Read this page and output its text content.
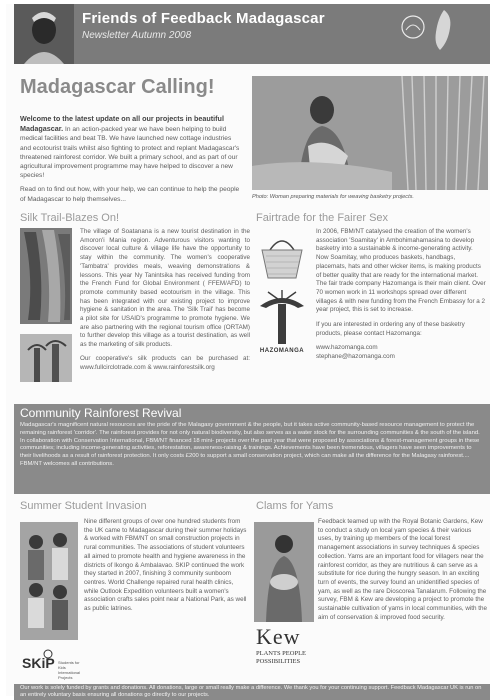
Friends of Feedback Madagascar
Newsletter Autumn 2008
Madagascar Calling!

Welcome to the latest update on all our projects in beautiful Madagascar. In an action-packed year we have been helping to build medical facilities and beat TB. We have launched new cottage industries and ecotourist trails whilst also fighting to protect and replant Madagascar's threatened rainforest corridor. We built a primary school, and as part of our agricultural improvement programme may have helped to discover a new species!

Read on to find out how, with your help, we can continue to help the people of Madagascar to help themselves...	Photo: Woman preparing materials for weaving basketry projects.
Silk Trail-Blazes On!

The village of Soatanana is a new tourist destination in the Amoron'i Mania region. Adventurous visitors wanting to discover local culture & village life have the opportunity to stay within the community. The women's cooperative 'Tambatra' provides meals, weaving demonstrations & lessons. This year Ny Tanintsika has received funding from the French Fund for Global Environment ( FFEM/AFD) to promote community based ecotourism in the village. This has been integrated with our existing project to improve hygiene & sanitation in the area. The 'Silk Trail' has become a pilot site for USAID's programme to promote hygiene. We are also partnering with the regional tourism office (ORTAM) to further develop this village as a tourist destination, as well as the marketing of silk products.

Our cooperative's silk products can be purchased at: www.fullcirclotrade.com & www.rainforestsilk.org

Fairtrade for the Fairer Sex
HAZOMANGA

In 2006, FBM/NT catalysed the creation of the women's association 'Soamitay' in Ambohimahamasina to develop basketry into a sustainable & income-generating activity. Now Soamitay, who produces baskets, handbags, placemats, hats and other wicker items, is making products of better quality that are ready for the international market. The fair trade company Hazomanga is their main client. Over 70 women work in 11 workshops spread over different villages & with new funding from the French Embassy for a 2 year project, this is set to increase.

If you are interested in ordering any of these basketry products, please contact Hazomanga:

www.hazomanga.com
stephane@hazomanga.com

Community Rainforest Revival
Madagascar's magnificent natural resources are the pride of the Malagasy government & the people, but it takes active community-based resource management to protect the remaining rainforest 'corridor'. The rainforest provides for not only natural biodiversity, but also serves as a water stock for the surrounding communities & the south of the island. In collaboration with Conservation International, FBM/NT financed 18 mini- projects over the past year that were proposed by associations & forest-management groups in these communities; including income-generating activities, reforestation, awareness-raising & trainings. Achievements have been tremendous, villagers have seen improvements to their livelihoods as a result of rainforest protection. It only costs £200 to support a small conservation project, which can make all the difference for the Malagasy rainforest.... FBM/NT welcomes all contributions.
Summer Student Invasion
SKiP Students for Kids International Projects
Nine different groups of over one hundred students from the UK came to Madagascar during their summer holidays & worked with FBM/NT on small construction projects in rural communities. The associations of student volunteers all aimed to promote health and hygiene awareness in the districts of Ikongo & Ambalavao. SKIP continued the work they started in 2007, finishing 3 community sunboom centres. World Challenge repaired rural health clinics, while Outlook Expedition volunteers built a women's association crafts sales point near a National Park, as well as public latrines.
Clams for Yams
Kew
PLANTS PEOPLE POSSIBILITIES
Feedback teamed up with the Royal Botanic Gardens, Kew to conduct a study on local yam species & their various uses, by training up members of the local forest management associations in survey techniques & species collection. Yams are an important food for villagers near the rainforest corridor, as they are nutritious & can serve as a substitute for rice during the hungry season. In an exciting turn of events, the survey found an unidentified species of yam, as well as the rare Dioscorea Tanalarum. Following the survey, FBM & Kew are developing a project to promote the sustainable cultivation of yams in local communities, with the aim of conservation & improved food security.
Our work is solely funded by grants and donations. All donations, large or small really make a difference. We thank you for your continuing support. Feedback Madagascar UK is run on an entirely voluntary basis ensuring all donations go directly to our projects.
